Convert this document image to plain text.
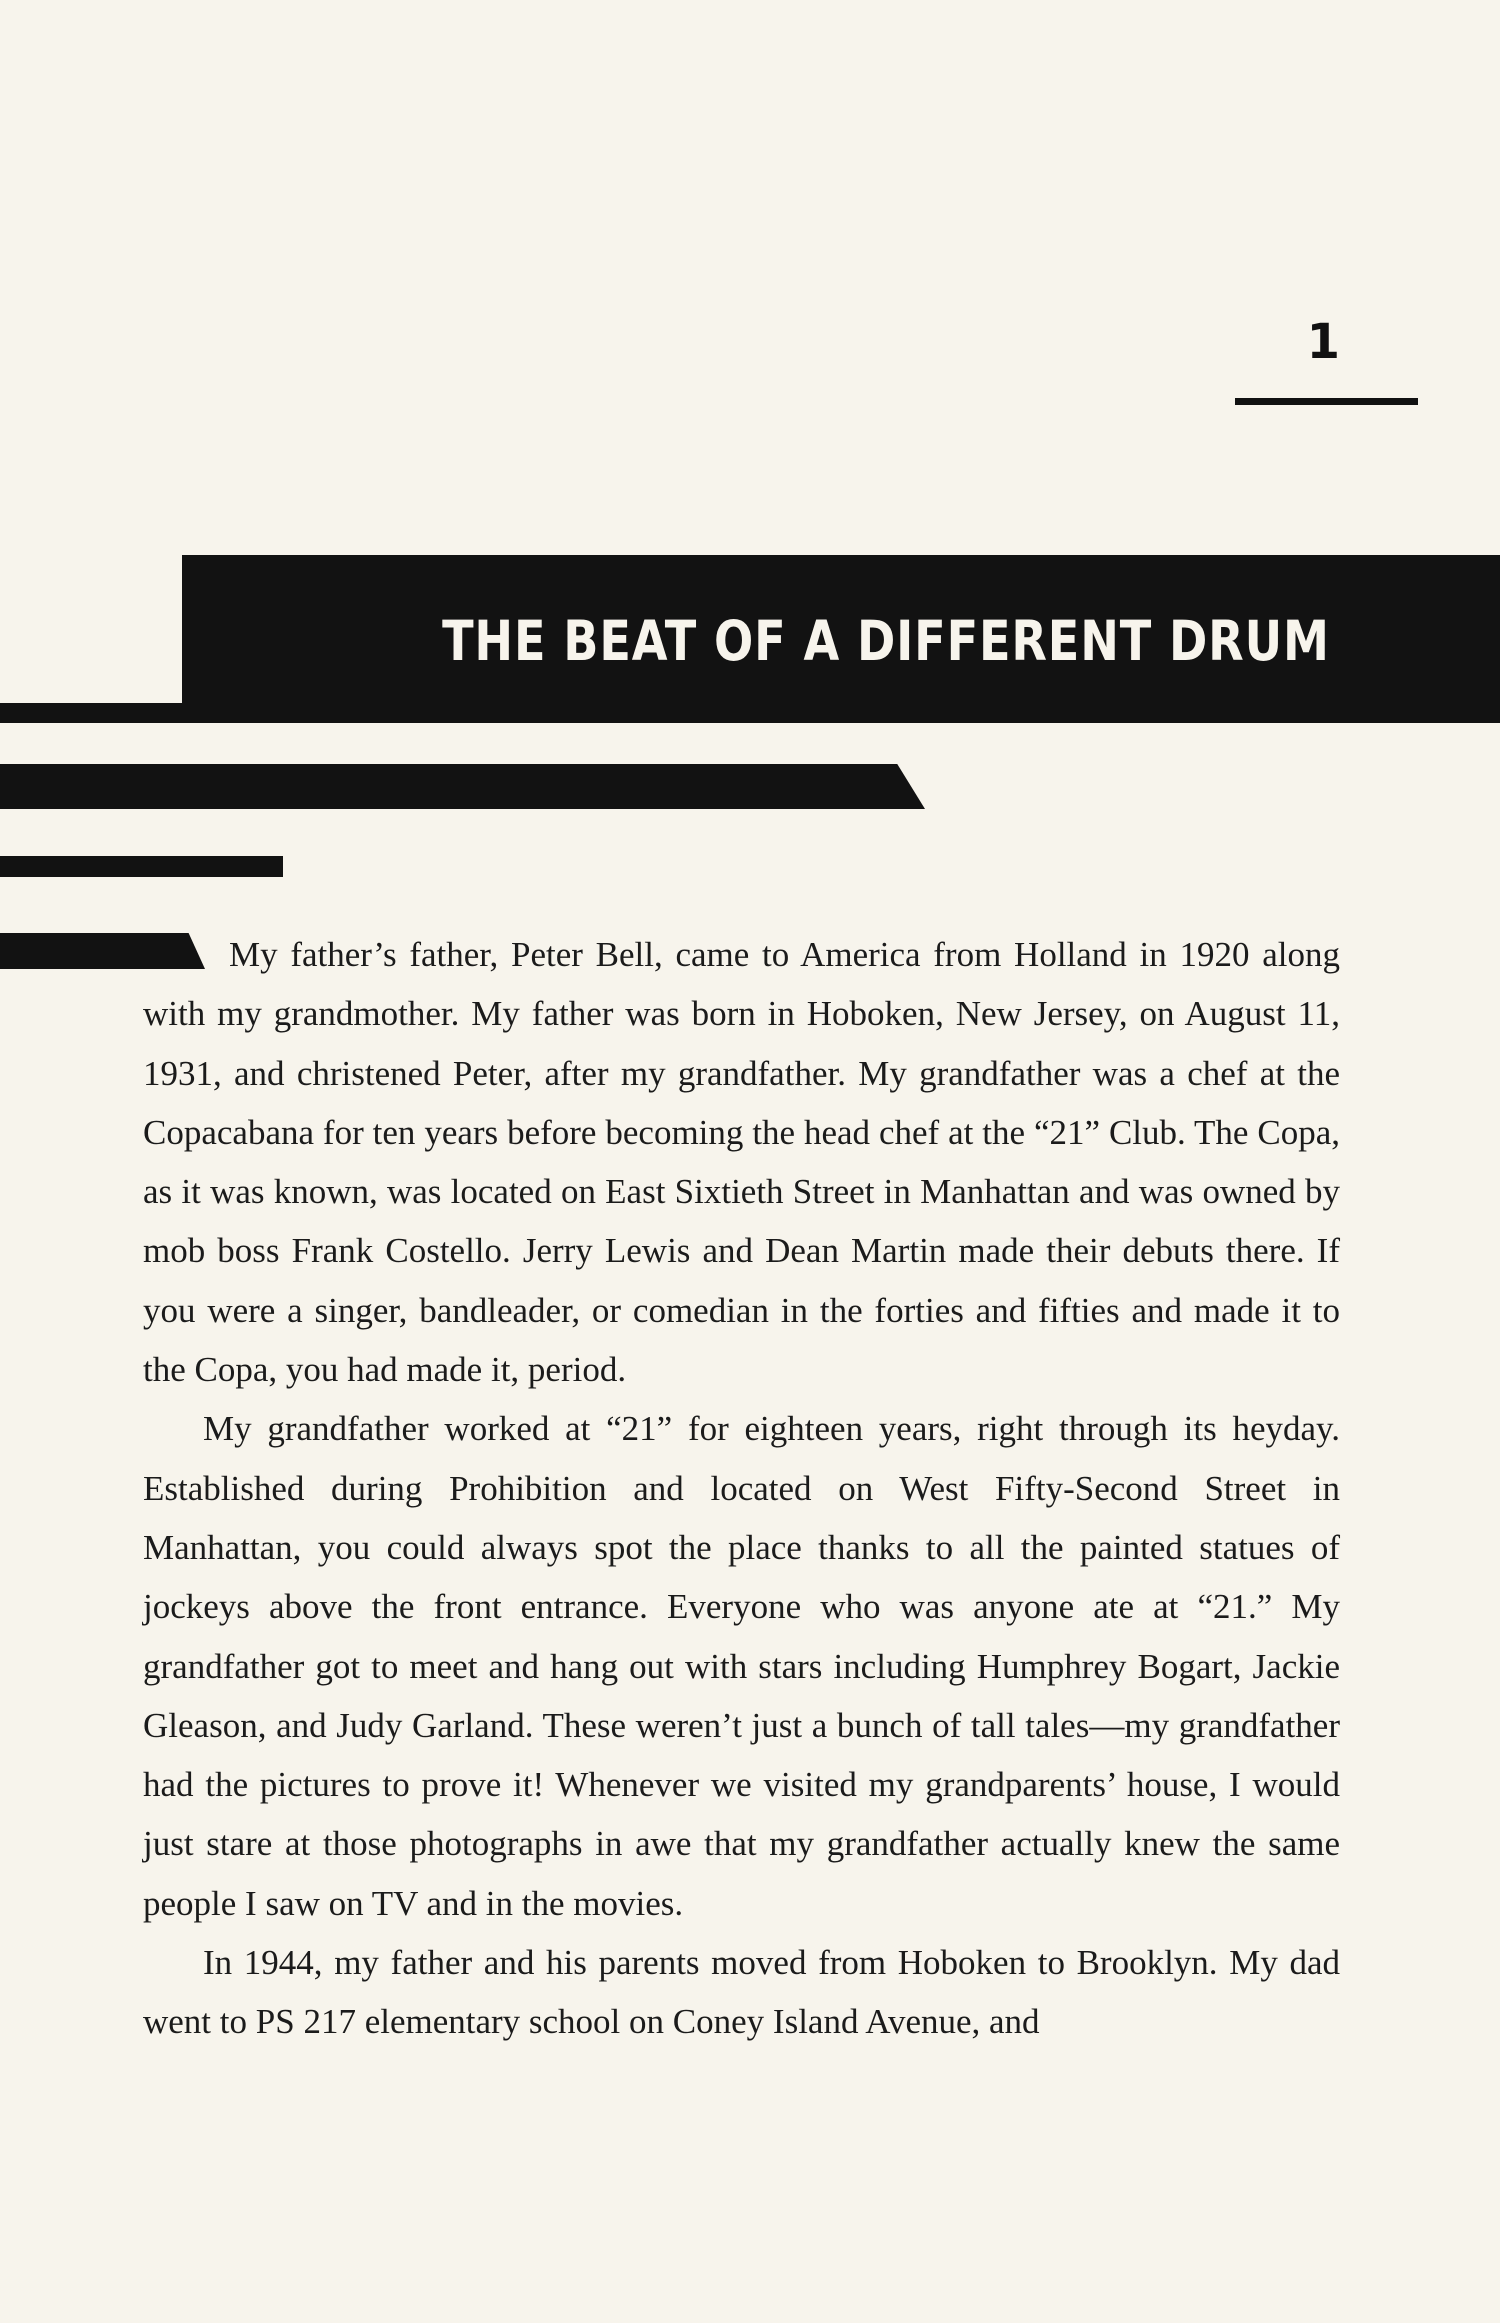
1
THE BEAT OF A DIFFERENT DRUM

My father’s father, Peter Bell, came to America from Holland in 1920 along with my grandmother. My father was born in Hoboken, New Jersey, on August 11, 1931, and christened Peter, after my grandfather. My grandfather was a chef at the Copacabana for ten years before becoming the head chef at the “21” Club. The Copa, as it was known, was located on East Sixtieth Street in Manhattan and was owned by mob boss Frank Costello. Jerry Lewis and Dean Martin made their debuts there. If you were a singer, bandleader, or comedian in the forties and fifties and made it to the Copa, you had made it, period.

My grandfather worked at “21” for eighteen years, right through its heyday. Established during Prohibition and located on West Fifty-Second Street in Manhattan, you could always spot the place thanks to all the painted statues of jockeys above the front entrance. Everyone who was anyone ate at “21.” My grandfather got to meet and hang out with stars including Humphrey Bogart, Jackie Gleason, and Judy Garland. These weren’t just a bunch of tall tales—my grandfather had the pictures to prove it! Whenever we visited my grandparents’ house, I would just stare at those photographs in awe that my grandfather actually knew the same people I saw on TV and in the movies.

In 1944, my father and his parents moved from Hoboken to Brooklyn. My dad went to PS 217 elementary school on Coney Island Avenue, and
